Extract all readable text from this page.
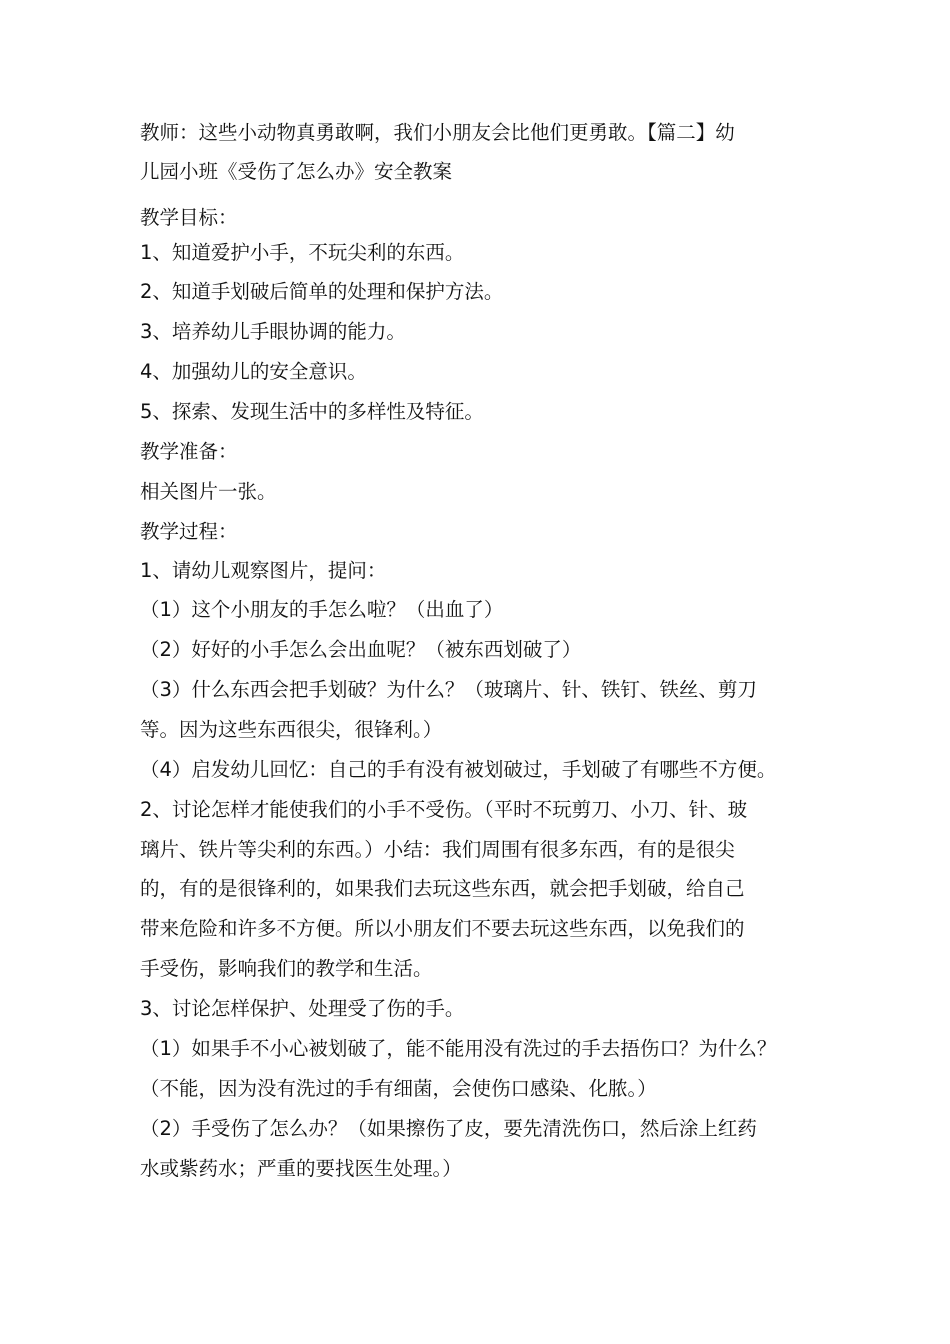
教师：这些小动物真勇敢啊，我们小朋友会比他们更勇敢。【篇二】幼
儿园小班《受伤了怎么办》安全教案
教学目标：
1、知道爱护小手，不玩尖利的东西。
2、知道手划破后简单的处理和保护方法。
3、培养幼儿手眼协调的能力。
4、加强幼儿的安全意识。
5、探索、发现生活中的多样性及特征。
教学准备：
相关图片一张。
教学过程：
1、请幼儿观察图片，提问：
（1）这个小朋友的手怎么啦？（出血了）
（2）好好的小手怎么会出血呢？（被东西划破了）
（3）什么东西会把手划破？为什么？（玻璃片、针、铁钉、铁丝、剪刀
等。因为这些东西很尖，很锋利。）
（4）启发幼儿回忆：自己的手有没有被划破过，手划破了有哪些不方便。
2、讨论怎样才能使我们的小手不受伤。（平时不玩剪刀、小刀、针、玻
璃片、铁片等尖利的东西。）小结：我们周围有很多东西，有的是很尖
的，有的是很锋利的，如果我们去玩这些东西，就会把手划破，给自己
带来危险和许多不方便。所以小朋友们不要去玩这些东西，以免我们的
手受伤，影响我们的教学和生活。
3、讨论怎样保护、处理受了伤的手。
（1）如果手不小心被划破了，能不能用没有洗过的手去捂伤口？为什么？
（不能，因为没有洗过的手有细菌，会使伤口感染、化脓。）
（2）手受伤了怎么办？（如果擦伤了皮，要先清洗伤口，然后涂上红药
水或紫药水；严重的要找医生处理。）
